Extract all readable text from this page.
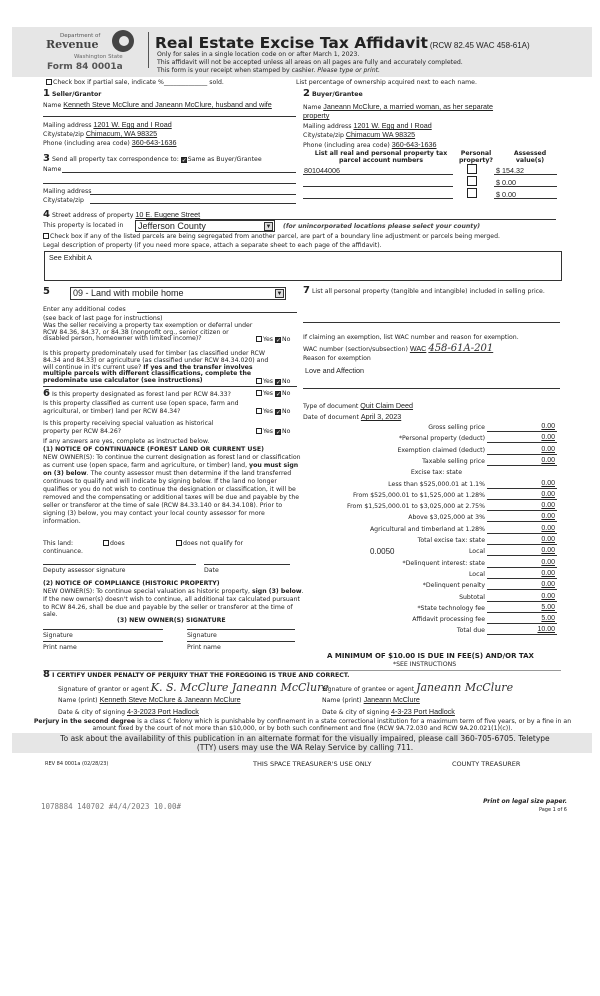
Department of
Revenue
Washington State
Form 84 0001a
Real Estate Excise Tax Affidavit (RCW 82.45 WAC 458-61A)
Only for sales in a single location code on or after March 1, 2023.
This affidavit will not be accepted unless all areas on all pages are fully and accurately completed.
This form is your receipt when stamped by cashier. Please type or print.
Check box if partial sale, indicate %______________ sold.	List percentage of ownership acquired next to each name.
1 Seller/Grantor
Name Kenneth Steve McClure and Janeann McClure, husband and wife
Mailing address 1201 W. Egg and I Road
City/state/zip Chimacum, WA 98325
Phone (including area code) 360-643-1636
2 Buyer/Grantee
Name Janeann McClure, a married woman, as her separate
property
Mailing address 1201 W. Egg and I Road
City/state/zip Chimacum WA 98325
Phone (including area code) 360-643-1636
3 Send all property tax correspondence to: ✓Same as Buyer/Grantee
Name
Mailing address
City/state/zip
List all real and personal property tax
parcel account numbers
Personal
property?
Assessed
value(s)
801044006	$ 154.32
$ 0.00
$ 0.00
4 Street address of property 10 E. Eugene Street
This property is located in	Jefferson County	▼ (for unincorporated locations please select your county)
Check box if any of the listed parcels are being segregated from another parcel, are part of a boundary line adjustment or parcels being merged.
Legal description of property (if you need more space, attach a separate sheet to each page of the affidavit).
See Exhibit A
5	09 - Land with mobile home	▼
Enter any additional codes
(see back of last page for instructions)
Was the seller receiving a property tax exemption or deferral under RCW 84.36, 84.37, or 84.38 (nonprofit org., senior citizen or disabled person, homeowner with limited income)?	Yes ✓No
Is this property predominately used for timber (as classified under RCW 84.34 and 84.33) or agriculture (as classified under RCW 84.34.020) and will continue in it's current use? If yes and the transfer involves multiple parcels with different classifications, complete the predominate use calculator (see instructions)	Yes ✓No
6 Is this property designated as forest land per RCW 84.33?	Yes ✓No
Is this property classified as current use (open space, farm and agricultural, or timber) land per RCW 84.34?	Yes ✓No
Is this property receiving special valuation as historical property per RCW 84.26?	Yes ✓No
If any answers are yes, complete as instructed below.
(1) NOTICE OF CONTINUANCE (FOREST LAND OR CURRENT USE)
NEW OWNER(S): To continue the current designation as forest land or classification as current use (open space, farm and agriculture, or timber) land, you must sign on (3) below. The county assessor must then determine if the land transferred continues to qualify and will indicate by signing below. If the land no longer qualifies or you do not wish to continue the designation or classification, it will be removed and the compensating or additional taxes will be due and payable by the seller or transferor at the time of sale (RCW 84.33.140 or 84.34.108). Prior to signing (3) below, you may contact your local county assessor for more information.
This land:	does	does not qualify for
continuance.
Deputy assessor signature	Date
(2) NOTICE OF COMPLIANCE (HISTORIC PROPERTY)
NEW OWNER(S): To continue special valuation as historic property, sign (3) below. If the new owner(s) doesn't wish to continue, all additional tax calculated pursuant to RCW 84.26, shall be due and payable by the seller or transferor at the time of sale.
(3) NEW OWNER(S) SIGNATURE
Signature	Signature
Print name	Print name
7 List all personal property (tangible and intangible) included in selling price.
If claiming an exemption, list WAC number and reason for exemption.
WAC number (section/subsection) WAC 458-61A-201
Reason for exemption
Love and Affection
Type of document Quit Claim Deed
Date of document April 3, 2023
Gross selling price	0.00
*Personal property (deduct)	0.00
Exemption claimed (deduct)	0.00
Taxable selling price	0.00
Excise tax: state
Less than $525,000.01 at 1.1%	0.00
From $525,000.01 to $1,525,000 at 1.28%	0.00
From $1,525,000.01 to $3,025,000 at 2.75%	0.00
Above $3,025,000 at 3%	0.00
Agricultural and timberland at 1.28%	0.00
Total excise tax: state	0.00
Local	0.00
0.0050
*Delinquent interest: state	0.00
Local	0.00
*Delinquent penalty	0.00
Subtotal	0.00
*State technology fee	5.00
Affidavit processing fee	5.00
Total due	10.00
A MINIMUM OF $10.00 IS DUE IN FEE(S) AND/OR TAX
*SEE INSTRUCTIONS
8 I CERTIFY UNDER PENALTY OF PERJURY THAT THE FOREGOING IS TRUE AND CORRECT.
Signature of grantor or agent K. S. McClure Janeann McClure
Signature of grantee or agent Janeann McClure
Name (print) Kenneth Steve McClure & Janeann McClure	Name (print) Janeann McClure
Date & city of signing 4-3-2023 Port Hadlock	Date & city of signing 4-3-23 Port Hadlock
Perjury in the second degree is a class C felony which is punishable by confinement in a state correctional institution for a maximum term of five years, or by a fine in an amount fixed by the court of not more than $10,000, or by both such confinement and fine (RCW 9A.72.030 and RCW 9A.20.021(1)(c)).
To ask about the availability of this publication in an alternate format for the visually impaired, please call 360-705-6705. Teletype (TTY) users may use the WA Relay Service by calling 711.
REV 84 0001a (02/28/23)	THIS SPACE TREASURER'S USE ONLY	COUNTY TREASURER
1078884 140702 #4/4/2023 10.00#
Print on legal size paper.
Page 1 of 6
